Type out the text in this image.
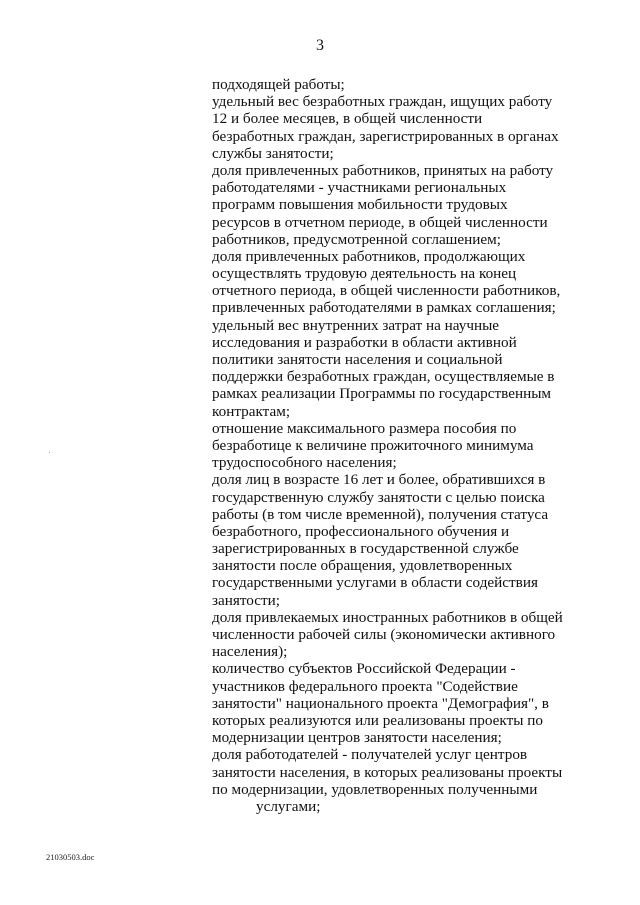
3
подходящей работы;
удельный вес безработных граждан, ищущих работу
12 и более месяцев, в общей численности
безработных граждан, зарегистрированных в органах
службы занятости;
доля привлеченных работников, принятых на работу
работодателями - участниками региональных
программ повышения мобильности трудовых
ресурсов в отчетном периоде, в общей численности
работников, предусмотренной соглашением;
доля привлеченных работников, продолжающих
осуществлять трудовую деятельность на конец
отчетного периода, в общей численности работников,
привлеченных работодателями в рамках соглашения;
удельный вес внутренних затрат на научные
исследования и разработки в области активной
политики занятости населения и социальной
поддержки безработных граждан, осуществляемые в
рамках реализации Программы по государственным
контрактам;
отношение максимального размера пособия по
безработице к величине прожиточного минимума
трудоспособного населения;
доля лиц в возрасте 16 лет и более, обратившихся в
государственную службу занятости с целью поиска
работы (в том числе временной), получения статуса
безработного, профессионального обучения и
зарегистрированных в государственной службе
занятости после обращения, удовлетворенных
государственными услугами в области содействия
занятости;
доля привлекаемых иностранных работников в общей
численности рабочей силы (экономически активного
населения);
количество субъектов Российской Федерации -
участников федерального проекта "Содействие
занятости" национального проекта "Демография", в
которых реализуются или реализованы проекты по
модернизации центров занятости населения;
доля работодателей - получателей услуг центров
занятости населения, в которых реализованы проекты
по модернизации, удовлетворенных полученными
услугами;
21030503.doc
